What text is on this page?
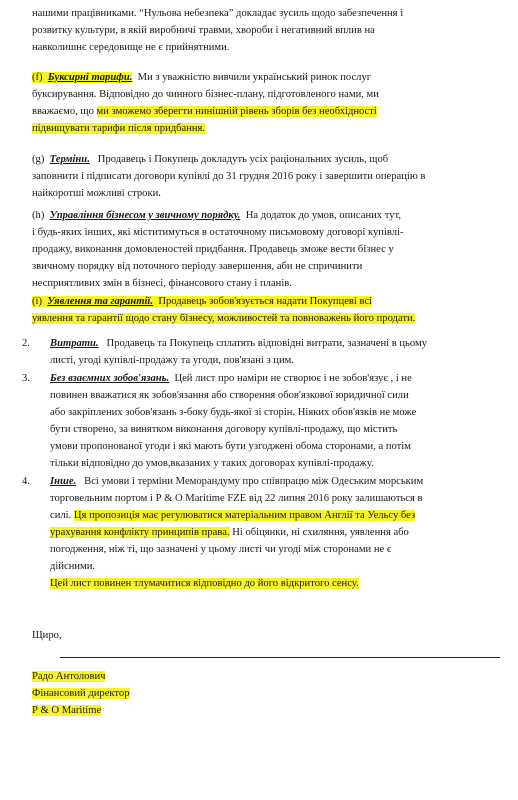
нашими працівниками. “Нульова небезпека” докладає зусиль щодо забезпечення і
розвитку культури, в якій виробничі травми, хвороби і негативний вплив на
навколишнє середовище не є прийнятними.
(f) Буксирні тарифи. Ми з уважністю вивчили український ринок послуг
буксирування. Відповідно до чинного бізнес-плану, підготовленого нами, ми
вважаємо, що ми зможемо зберегти нинішній рівень зборів без необхідності
підвищувати тарифи після придбання.
(g) Терміни. Продавець і Покупець докладуть усіх раціональних зусиль, щоб
заповнити і підписати договори купівлі до 31 грудня 2016 року і завершити операцію в
найкоротші можливі строки.
(h) Управління бізнесом у звичному порядку. На додаток до умов, описаних тут,
і будь-яких інших, які міститимуться в остаточному письмовому договорі купівлі-
продажу, виконання домовленостей придбання. Продавець зможе вести бізнес у
звичному порядку від поточного періоду завершення, аби не спричинити
несприятливих змін в бізнесі, фінансового стану і планів.
(i) Уявлення та гарантії. Продавець зобов'язується надати Покупцеві всі
уявлення та гарантії щодо стану бізнесу, можливостей та повноважень його продати.
2. Витрати. Продавець та Покупець сплатять відповідні витрати, зазначені в цьому
листі, угоді купівлі-продажу та угоди, пов'язані з цим.
3. Без взаємних зобов'язань. Цей лист про наміри не створює і не зобов'язує , і не
повинен вважатися як зобов'язання або створення обов'язкової юридичної сили
або закріплених зобов'язань з-боку будь-якої зі сторін. Ніяких обов'язків не може
бути створено, за винятком виконання договору купівлі-продажу, що містить
умови пропонованої угоди і які мають бути узгоджені обома сторонами, а потім
тільки відповідно до умов,вказаних у таких договорах купівлі-продажу.
4. Інше. Всі умови і терміни Меморандуму про співпрацю між Одеським морським
торговельним портом і Р & О Maritime FZE від 22 липня 2016 року залишаються в
силі. Ця пропозиція має регулюватися матеріальним правом Англії та Уельсу без
урахування конфлікту принципів права. Ні обіцянки, ні схиляння, уявлення або
погодження, ніж ті, що зазначені у цьому листі чи угоді між сторонами не є
дійсними.
Цей лист повинен тлумачитися відповідно до його відкритого сенсу.
Щиро,
Радо Антолович
Фінансовий директор
Р & О Maritime
